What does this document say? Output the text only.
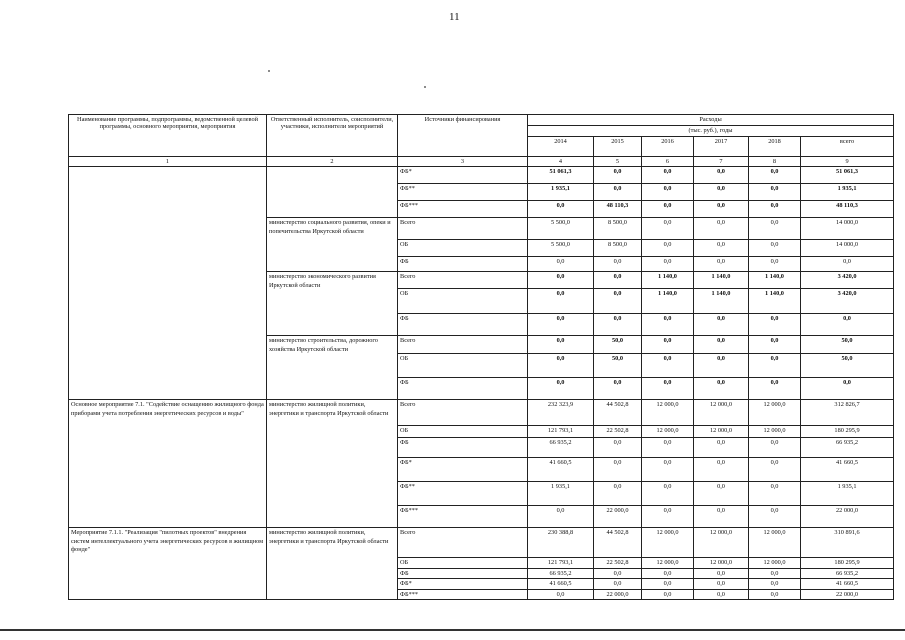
11
Наименование программы, подпрограммы, ведомственной целевой программы, основного мероприятия, мероприятия	Ответственный исполнитель, соисполнители, участники, исполнители мероприятий	Источники финансирования	Расходы					
			(тыс. руб.), годы					
			2014	2015	2016	2017	2018	всего
1	2	3	4	5	6	7	8	9
		ФБ*	51 061,3	0,0	0,0	0,0	0,0	51 061,3
		ФБ**	1 935,1	0,0	0,0	0,0	0,0	1 935,1
		ФБ***	0,0	48 110,3	0,0	0,0	0,0	48 110,3
	министерство социального развития, опеки и попечительства Иркутской области	Всего	5 500,0	8 500,0	0,0	0,0	0,0	14 000,0
		ОБ	5 500,0	8 500,0	0,0	0,0	0,0	14 000,0
		ФБ	0,0	0,0	0,0	0,0	0,0	0,0
	министерство экономического развития Иркутской области	Всего	0,0	0,0	1 140,0	1 140,0	1 140,0	3 420,0
		ОБ	0,0	0,0	1 140,0	1 140,0	1 140,0	3 420,0
		ФБ	0,0	0,0	0,0	0,0	0,0	0,0
	министерство строительства, дорожного хозяйства Иркутской области	Всего	0,0	50,0	0,0	0,0	0,0	50,0
		ОБ	0,0	50,0	0,0	0,0	0,0	50,0
		ФБ	0,0	0,0	0,0	0,0	0,0	0,0
Основное мероприятие 7.1. "Содействие оснащению жилищного фонда приборами учета потребления энергетических ресурсов и воды"	министерство жилищной политики, энергетики и транспорта Иркутской области	Всего	232 323,9	44 502,8	12 000,0	12 000,0	12 000,0	312 826,7
		ОБ	121 793,1	22 502,8	12 000,0	12 000,0	12 000,0	180 295,9
		ФБ	66 935,2	0,0	0,0	0,0	0,0	66 935,2
		ФБ*	41 660,5	0,0	0,0	0,0	0,0	41 660,5
		ФБ**	1 935,1	0,0	0,0	0,0	0,0	1 935,1
		ФБ***	0,0	22 000,0	0,0	0,0	0,0	22 000,0
Мероприятие 7.1.1. "Реализация "пилотных проектов" внедрения систем интеллектуального учета энергетических ресурсов в жилищном фонде"	министерство жилищной политики, энергетики и транспорта Иркутской области	Всего	230 388,8	44 502,8	12 000,0	12 000,0	12 000,0	310 891,6
		ОБ	121 793,1	22 502,8	12 000,0	12 000,0	12 000,0	180 295,9
		ФБ	66 935,2	0,0	0,0	0,0	0,0	66 935,2
		ФБ*	41 660,5	0,0	0,0	0,0	0,0	41 660,5
		ФБ***	0,0	22 000,0	0,0	0,0	0,0	22 000,0
